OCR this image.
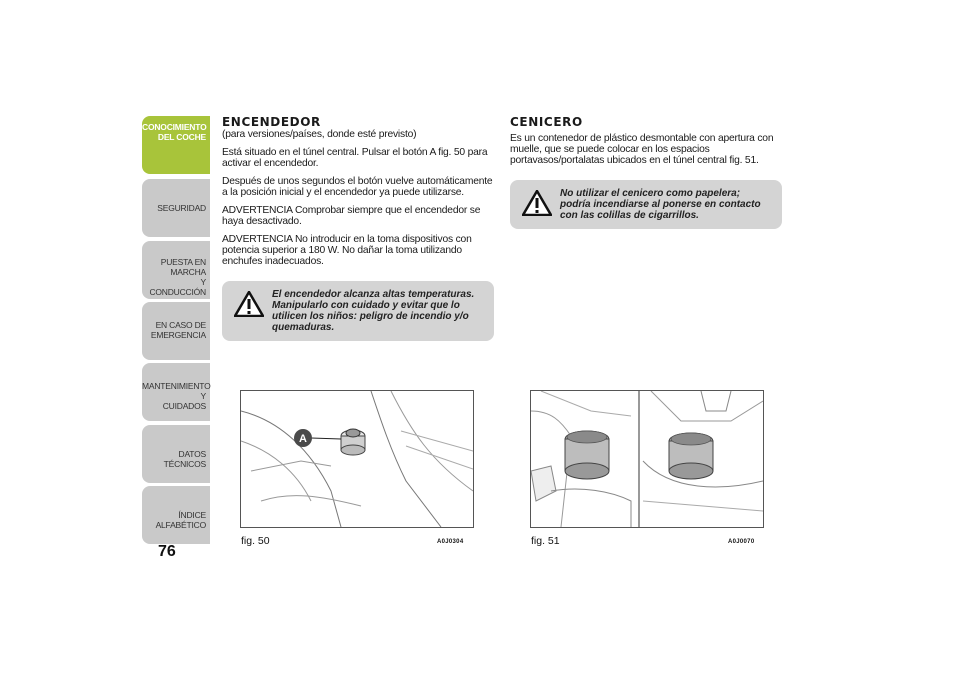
CONOCIMIENTO
DEL COCHE
SEGURIDAD
PUESTA EN MARCHA
Y CONDUCCIÓN
EN CASO DE
EMERGENCIA
MANTENIMIENTO Y
CUIDADOS
DATOS TÉCNICOS
ÍNDICE ALFABÉTICO
76
ENCENDEDOR

(para versiones/países, donde esté previsto)

Está situado en el túnel central. Pulsar el botón A fig. 50 para activar el encendedor.

Después de unos segundos el botón vuelve automáticamente a la posición inicial y el encendedor ya puede utilizarse.

ADVERTENCIA Comprobar siempre que el encendedor se haya desactivado.

ADVERTENCIA No introducir en la toma dispositivos con potencia superior a 180 W. No dañar la toma utilizando enchufes inadecuados.

El encendedor alcanza altas temperaturas. Manipularlo con cuidado y evitar que lo utilicen los niños: peligro de incendio y/o quemaduras.
CENICERO

Es un contenedor de plástico desmontable con apertura con muelle, que se puede colocar en los espacios portavasos/portalatas ubicados en el túnel central fig. 51.

No utilizar el cenicero como papelera; podría incendiarse al ponerse en contacto con las colillas de cigarrillos.
A
fig. 50	A0J0304	fig. 51	A0J0070
